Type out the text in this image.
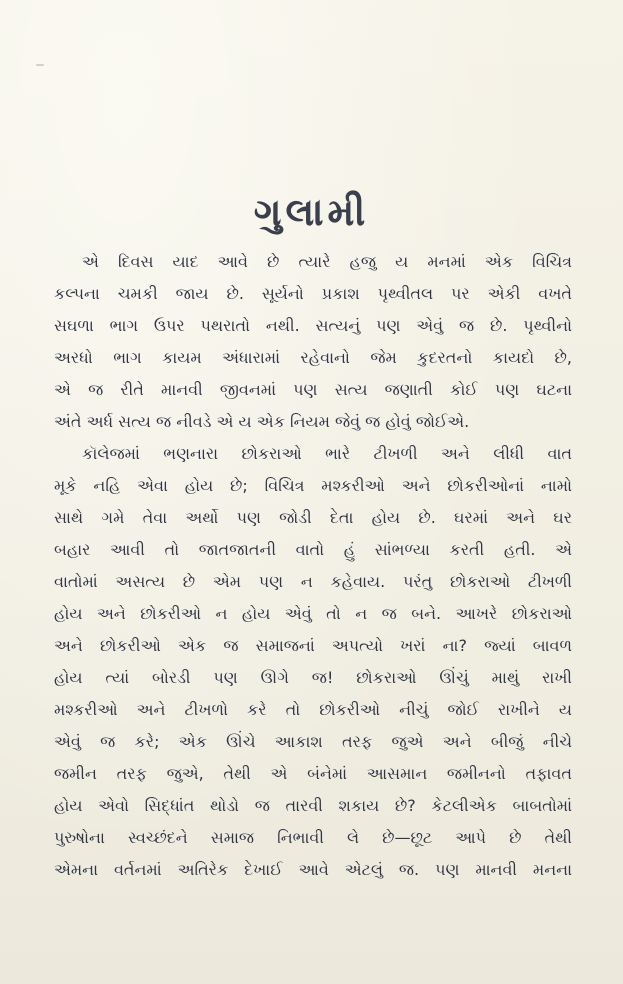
ગુલામી
એ દિવસ યાદ આવે છે ત્યારે હજુ ય મનમાં એક વિચિત્ર
કલ્પના ચમકી જાય છે. સૂર્યનો પ્રકાશ પૃથ્વીતલ પર એકી વખતે
સઘળા ભાગ ઉપર પથરાતો નથી. સત્યનું પણ એવું જ છે. પૃથ્વીનો
અરધો ભાગ કાયમ અંધારામાં રહેવાનો જેમ કુદરતનો કાયદો છે,
એ જ રીતે માનવી જીવનમાં પણ સત્ય જણાતી કોઈ પણ ઘટના
અંતે અર્ધ સત્ય જ નીવડે એ ય એક નિયમ જેવું જ હોવું જોઈએ.
કૉલેજમાં ભણનારા છોકરાઓ ભારે ટીખળી અને લીધી વાત
મૂકે નહિ એવા હોય છે; વિચિત્ર મશ્કરીઓ અને છોકરીઓનાં નામો
સાથે ગમે તેવા અર્થો પણ જોડી દેતા હોય છે. ઘરમાં અને ઘર
બહાર આવી તો જાતજાતની વાતો હું સાંભળ્યા કરતી હતી. એ
વાતોમાં અસત્ય છે એમ પણ ન કહેવાય. પરંતુ છોકરાઓ ટીખળી
હોય અને છોકરીઓ ન હોય એવું તો ન જ બને. આખરે છોકરાઓ
અને છોકરીઓ એક જ સમાજનાં અપત્યો ખરાં ના? જ્યાં બાવળ
હોય ત્યાં બોરડી પણ ઊગે જ! છોકરાઓ ઊંચું માથું રાખી
મશ્કરીઓ અને ટીખળો કરે તો છોકરીઓ નીચું જોઈ રાખીને ય
એવું જ કરે; એક ઊંચે આકાશ તરફ જુએ અને બીજું નીચે
જમીન તરફ જુએ, તેથી એ બંનેમાં આસમાન જમીનનો તફાવત
હોય એવો સિદ્ધાંત થોડો જ તારવી શકાય છે? કેટલીએક બાબતોમાં
પુરુષોના સ્વચ્છંદને સમાજ નિભાવી લે છે—છૂટ આપે છે તેથી
એમના વર્તનમાં અતિરેક દેખાઈ આવે એટલું જ. પણ માનવી મનના
